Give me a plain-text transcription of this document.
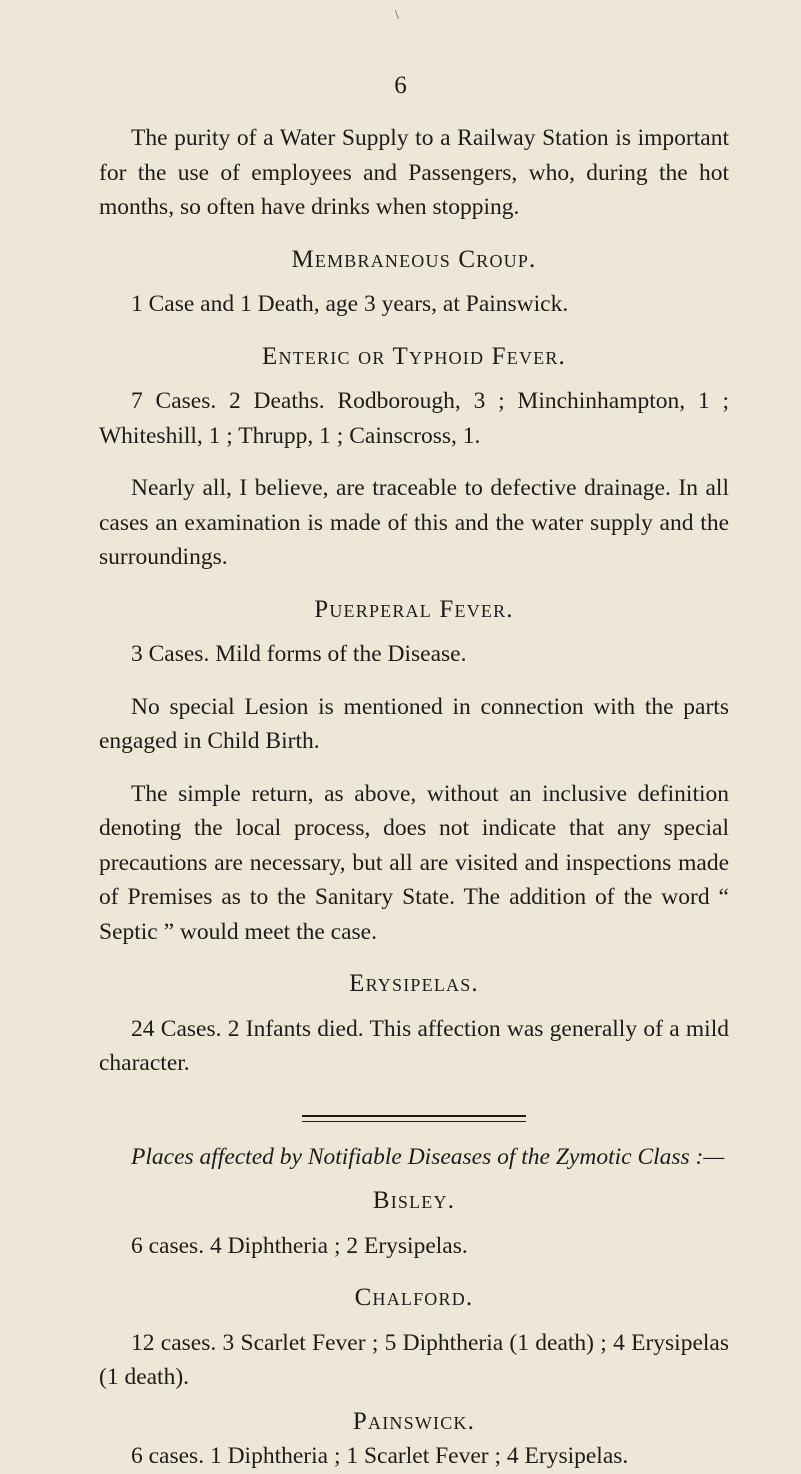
\
6

The purity of a Water Supply to a Railway Station is important for the use of employees and Passengers, who, during the hot months, so often have drinks when stopping.

Membraneous Croup.

1 Case and 1 Death, age 3 years, at Painswick.

Enteric or Typhoid Fever.

7 Cases. 2 Deaths. Rodborough, 3 ; Minchinhampton, 1 ; Whiteshill, 1 ; Thrupp, 1 ; Cainscross, 1.

Nearly all, I believe, are traceable to defective drainage. In all cases an examination is made of this and the water supply and the surroundings.

Puerperal Fever.

3 Cases. Mild forms of the Disease.

No special Lesion is mentioned in connection with the parts engaged in Child Birth.

The simple return, as above, without an inclusive definition denoting the local process, does not indicate that any special precautions are necessary, but all are visited and inspections made of Premises as to the Sanitary State. The addition of the word “ Septic ” would meet the case.

Erysipelas.

24 Cases. 2 Infants died. This affection was generally of a mild character.

Places affected by Notifiable Diseases of the Zymotic Class :—

Bisley.

6 cases. 4 Diphtheria ; 2 Erysipelas.

Chalford.

12 cases. 3 Scarlet Fever ; 5 Diphtheria (1 death) ; 4 Erysipelas (1 death).

Painswick.

6 cases. 1 Diphtheria ; 1 Scarlet Fever ; 4 Erysipelas.
